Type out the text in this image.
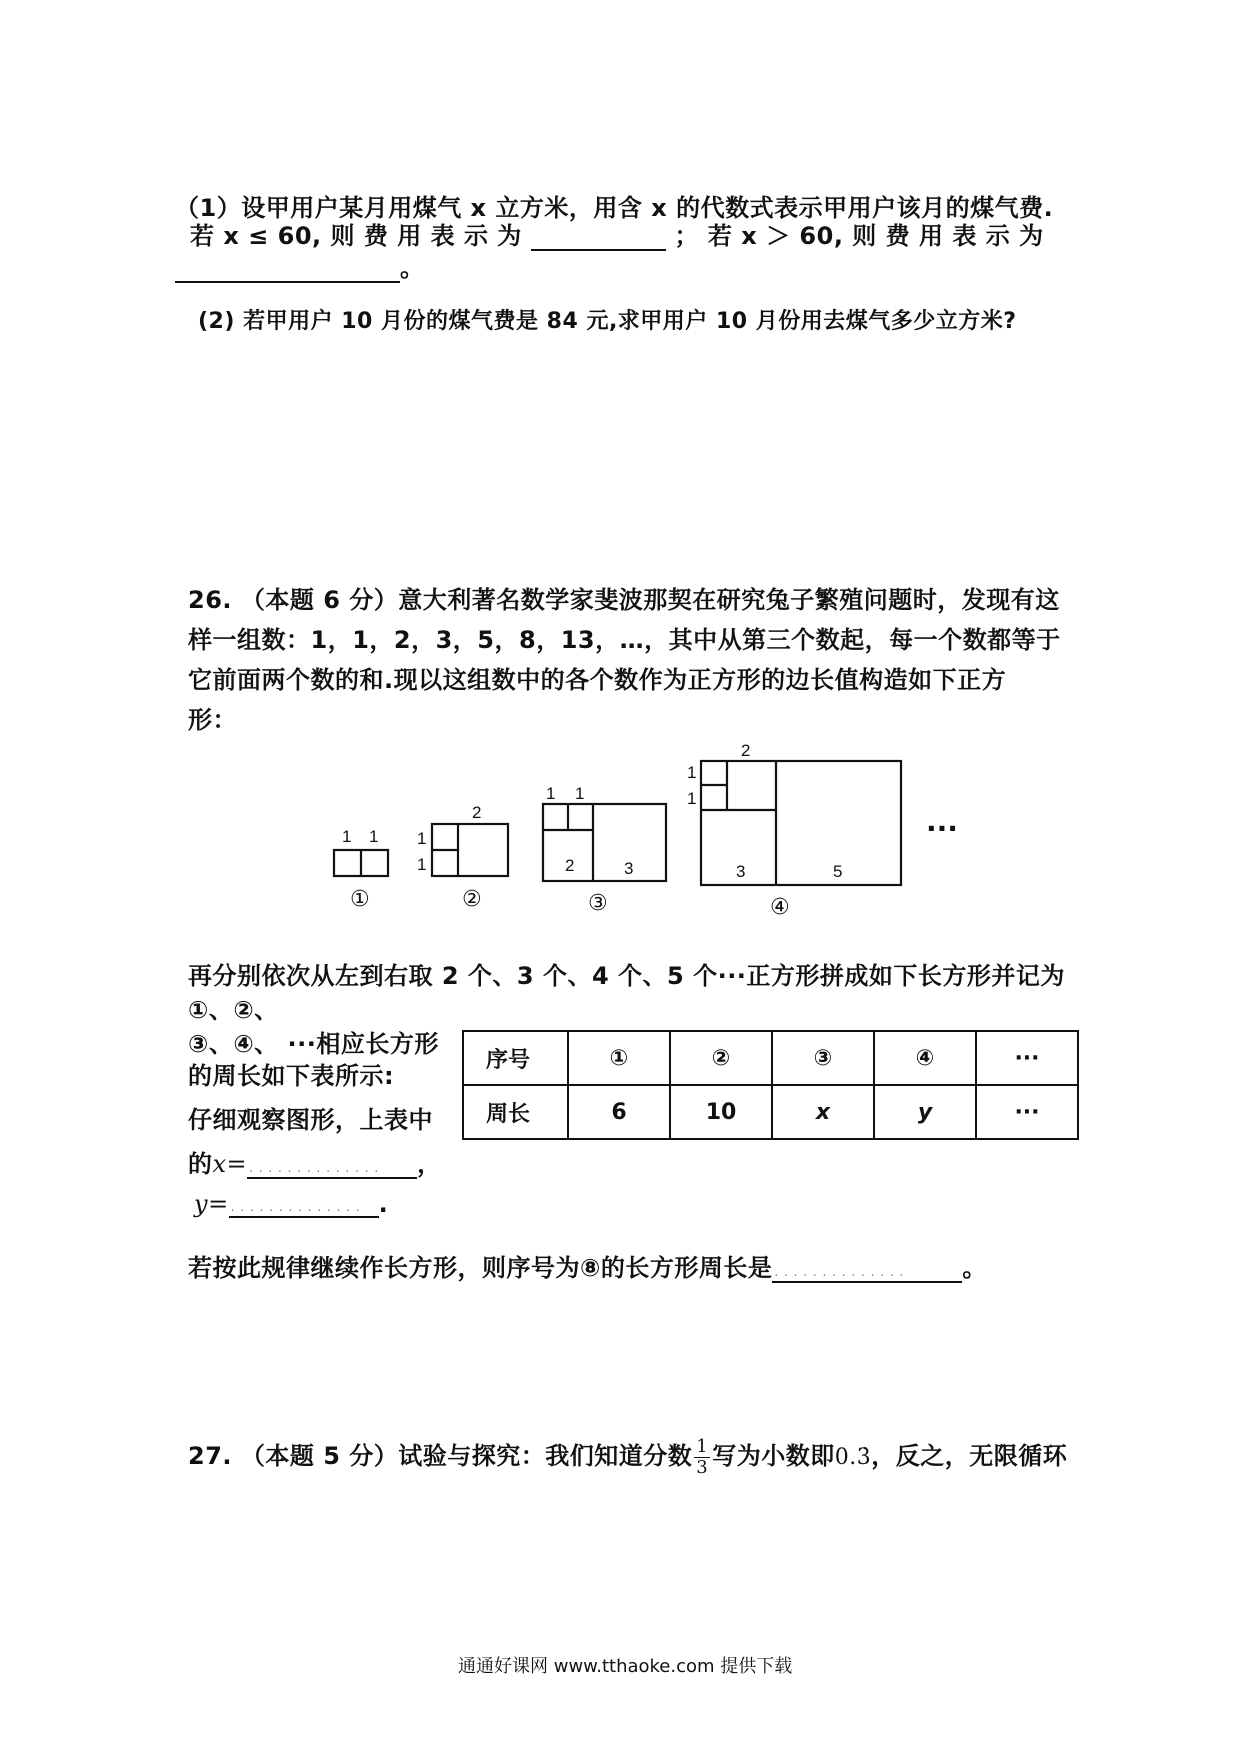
（1）设甲用户某月用煤气 x 立方米，用含 x 的代数式表示甲用户该月的煤气费.
若 x ≤ 60, 则 费 用 表 示 为	； 若 x ＞ 60, 则 费 用 表 示 为
。
(2) 若甲用户 10 月份的煤气费是 84 元,求甲用户 10 月份用去煤气多少立方米?
26. （本题 6 分）意大利著名数学家斐波那契在研究兔子繁殖问题时，发现有这
样一组数：1，1，2，3，5，8，13，…，其中从第三个数起，每一个数都等于
它前面两个数的和.现以这组数中的各个数作为正方形的边长值构造如下正方
形：
1 1 1
1
2
1 1
2	3
1
1
2
3	5
①	②	③	④
···
再分别依次从左到右取 2 个、3 个、4 个、5 个···正方形拼成如下长方形并记为
①、②、
③、④、 ···相应长方形
的周长如下表所示:
仔细观察图形，上表中
的x= . . .	，
y= . . .	.
序号	①	②	③	④	···
周长	6	10	x	y	···
若按此规律继续作长方形，则序号为⑧的长方形周长是 . . .	。
27. （本题 5 分）试验与探究：我们知道分数 $\frac{1}{3}$ 写为小数即0.3̇，反之，无限循环
通通好课网 www.tthaoke.com 提供下载
